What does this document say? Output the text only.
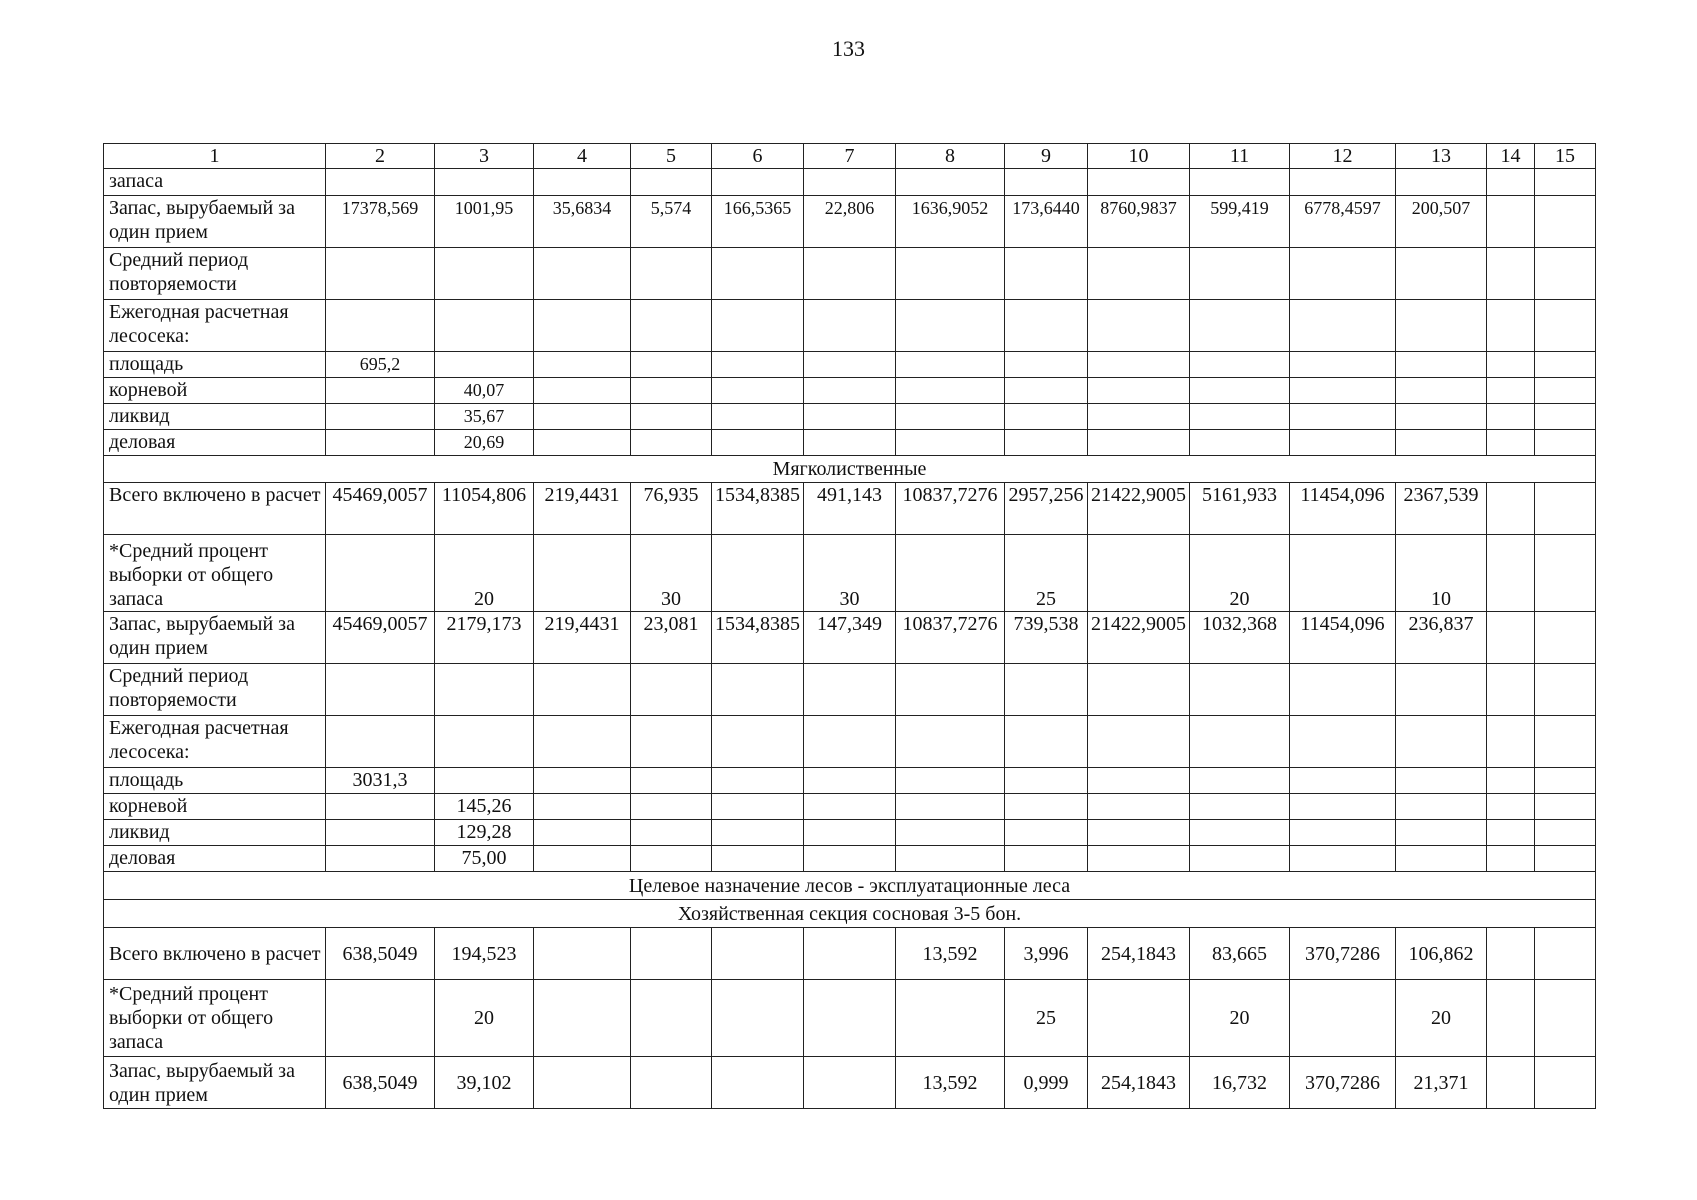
133
1	2	3	4	5	6	7	8	9	10	11	12	13	14	15
запаса														
Запас, вырубаемый за один прием	17378,569	1001,95	35,6834	5,574	166,5365	22,806	1636,9052	173,6440	8760,9837	599,419	6778,4597	200,507		
Средний период повторяемости														
Ежегодная расчетная лесосека:														
площадь	695,2													
корневой		40,07												
ликвид		35,67												
деловая		20,69												
Мягколиственные														
Всего включено в расчет	45469,0057	11054,806	219,4431	76,935	1534,8385	491,143	10837,7276	2957,256	21422,9005	5161,933	11454,096	2367,539		
*Средний процент выборки от общего запаса		20		30		30		25		20		10		
Запас, вырубаемый за один прием	45469,0057	2179,173	219,4431	23,081	1534,8385	147,349	10837,7276	739,538	21422,9005	1032,368	11454,096	236,837		
Средний период повторяемости														
Ежегодная расчетная лесосека:														
площадь	3031,3													
корневой		145,26												
ликвид		129,28												
деловая		75,00												
Целевое назначение лесов - эксплуатационные леса														
Хозяйственная секция сосновая 3-5 бон.														
Всего включено в расчет	638,5049	194,523					13,592	3,996	254,1843	83,665	370,7286	106,862		
*Средний процент выборки от общего запаса		20						25		20		20		
Запас, вырубаемый за один прием	638,5049	39,102					13,592	0,999	254,1843	16,732	370,7286	21,371		
